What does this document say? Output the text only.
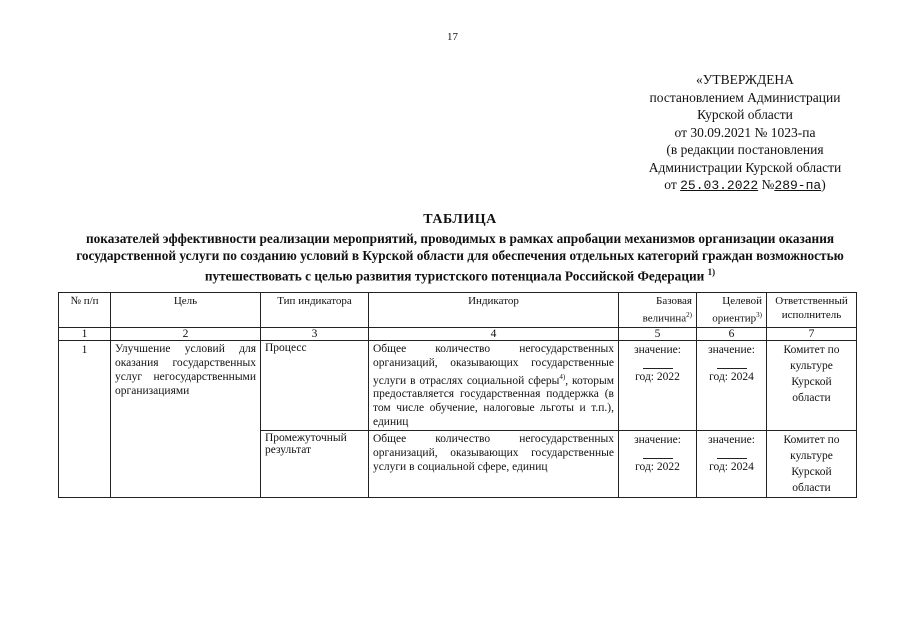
17
«УТВЕРЖДЕНА
постановлением Администрации
Курской области
от 30.09.2021 № 1023-па
(в редакции постановления
Администрации Курской области
от 25.03.2022 №289-па)
ТАБЛИЦА
показателей эффективности реализации мероприятий, проводимых в рамках апробации механизмов организации оказания государственной услуги по созданию условий в Курской области для обеспечения отдельных категорий граждан возможностью путешествовать с целью развития туристского потенциала Российской Федерации $^{1)}$
№ п/п	Цель	Тип индикатора	Индикатор	Базовая величина$^{2)}$	Целевой ориентир$^{3)}$	Ответственный исполнитель
1	2	3	4	5	6	7
1	Улучшение условий для оказания государственных услуг негосударственными организациями	Процесс	Общее количество негосударственных организаций, оказывающих государственные услуги в отраслях социальной сферы$^{4)}$, которым предоставляется государственная поддержка (в том числе обучение, налоговые льготы и т.п.), единиц	значение:
год: 2022	значение:
год: 2024	Комитет по культуре Курской области
		Промежуточный результат	Общее количество негосударственных организаций, оказывающих государственные услуги в социальной сфере, единиц	значение:
год: 2022	значение:
год: 2024	Комитет по культуре Курской области
